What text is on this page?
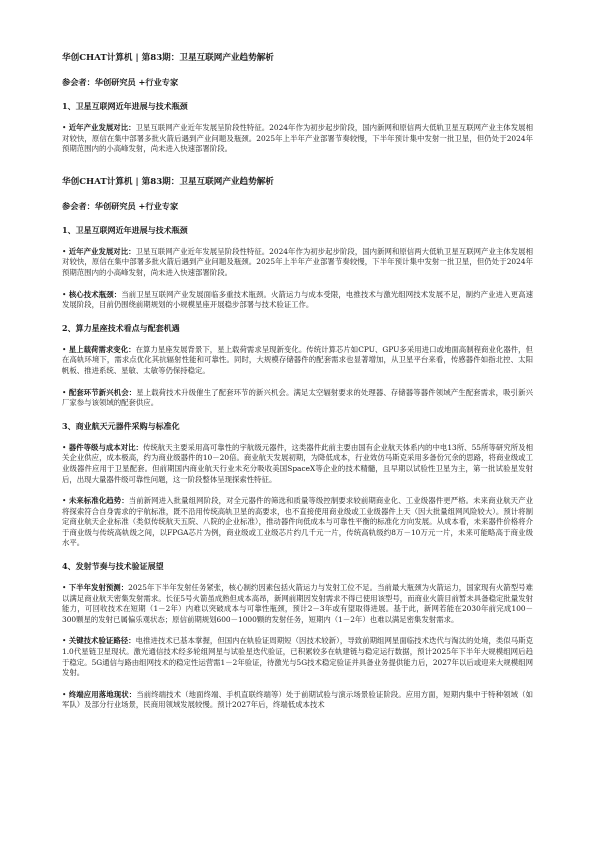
华创CHAT计算机 | 第83期：卫星互联网产业趋势解析
参会者：华创研究员 +行业专家
1、卫星互联网近年进展与技术瓶颈
• 近年产业发展对比：卫星互联网产业近年发展呈阶段性特征。2024年作为初步起步阶段，国内新网和原信两大低轨卫星互联网产业主体发展相对较快，原信在集中部署多批火箭后遇到产业问题及瓶颈。2025年上半年产业部署节奏较慢，下半年预计集中发射一批卫星，但仍处于2024年预期范围内的小高峰发射，尚未进入快速部署阶段。
华创CHAT计算机 | 第83期：卫星互联网产业趋势解析
参会者：华创研究员 +行业专家
1、卫星互联网近年进展与技术瓶颈
• 近年产业发展对比：卫星互联网产业近年发展呈阶段性特征。2024年作为初步起步阶段，国内新网和原信两大低轨卫星互联网产业主体发展相对较快，原信在集中部署多批火箭后遇到产业问题及瓶颈。2025年上半年产业部署节奏较慢，下半年预计集中发射一批卫星，但仍处于2024年预期范围内的小高峰发射，尚未进入快速部署阶段。
• 核心技术瓶颈：当前卫星互联网产业发展面临多重技术瓶颈。火箭运力与成本受限，电推技术与激光组网技术发展不足，制约产业进入更高速发展阶段，目前仍围绕前期规划的小规模星座开展稳步部署与技术验证工作。
2、算力星座技术看点与配套机遇
• 星上载荷需求变化：在算力星座发展背景下，星上载荷需求呈现新变化。传统计算芯片如CPU、GPU多采用进口或地面高制程商业化器件，但在高轨环境下，需求点优化其抗辐射性能和可靠性。同时，大规模存储器件的配套需求也显著增加，从卫星平台来看，传感器件如指北控、太阳帆板、推进系统、星敏、太敏等仍保持稳定。
• 配套环节新兴机会：星上载荷技术升级催生了配套环节的新兴机会。满足太空辐射要求的处理器、存储器等器件领域产生配套需求，吸引新兴厂家参与该领域的配套供应。
3、商业航天元器件采购与标准化
• 器件等级与成本对比：传统航天主要采用高可靠性的宇航级元器件，这类器件此前主要由国有企业航天体系内的中电13所、55所等研究所及相关企业供应，成本极高，约为商业级器件的10－20倍。商业航天发展初期，为降低成本，行业效仿马斯克采用多备份冗余的思路，将商业级或工业级器件应用于卫星配套。但前期国内商业航天行业未充分吸收美国SpaceX等企业的技术精髓，且早期以试验性卫星为主，第一批试验星发射后，出现大量器件级可靠性问题，这一阶段整体呈现探索性特征。
• 未来标准化趋势：当前新网进入批量组网阶段，对全元器件的筛选和质量等级控制要求较前期商业化、工业级器件更严格。未来商业航天产业将探索符合自身需求的宇航标准，既不沿用传统高轨卫星的高要求，也不直接使用商业级或工业级器件上天（因大批量组网风险较大）。预计将制定商业航天企业标准（类似传统航天五院、八院的企业标准），推动器件向低成本与可靠性平衡的标准化方向发展。从成本看，未来器件价格将介于商业级与传统高轨级之间，以FPGA芯片为例，商业级或工业级芯片约几千元一片，传统高轨级约8万－10万元一片，未来可能略高于商业级水平。
4、发射节奏与技术验证展望
• 下半年发射预测：2025年下半年发射任务紧张，核心制约因素包括火箭运力与发射工位不足。当前最大瓶颈为火箭运力，国家现有火箭型号难以满足商业航天密集发射需求。长征5号火箭虽成熟但成本高昂，新网前期因发射需求不得已使用该型号，而商业火箭目前暂未具备稳定批量发射能力，可回收技术在短期（1－2年）内难以突破成本与可靠性瓶颈，预计2－3年或有望取得进展。基于此，新网若能在2030年前完成100－300颗星的发射已属偏乐观状态；原信前期规划600－1000颗的发射任务，短期内（1－2年）也难以满足密集发射需求。
• 关键技术验证路径：电推进技术已基本掌握，但国内在轨验证周期短（因技术较新），导致前期组网星面临技术迭代与淘汰的处境，类似马斯克1.0代星链卫星现状。激光通信技术经多轮组网星与试验星迭代验证，已积累较多在轨建链与稳定运行数据，预计2025年下半年大规模组网后趋于稳定。5G通信与路由组网技术的稳定性运营需1－2年验证，待激光与5G技术稳定验证并具备业务提供能力后，2027年以后或迎来大规模组网发射。
• 终端应用落地现状：当前终端技术（地面终端、手机直联终端等）处于前期试验与演示场景验证阶段。应用方面，短期内集中于特种领域（如军队）及部分行业场景，民商用领域发展较慢。预计2027年后，终端低成本技术
